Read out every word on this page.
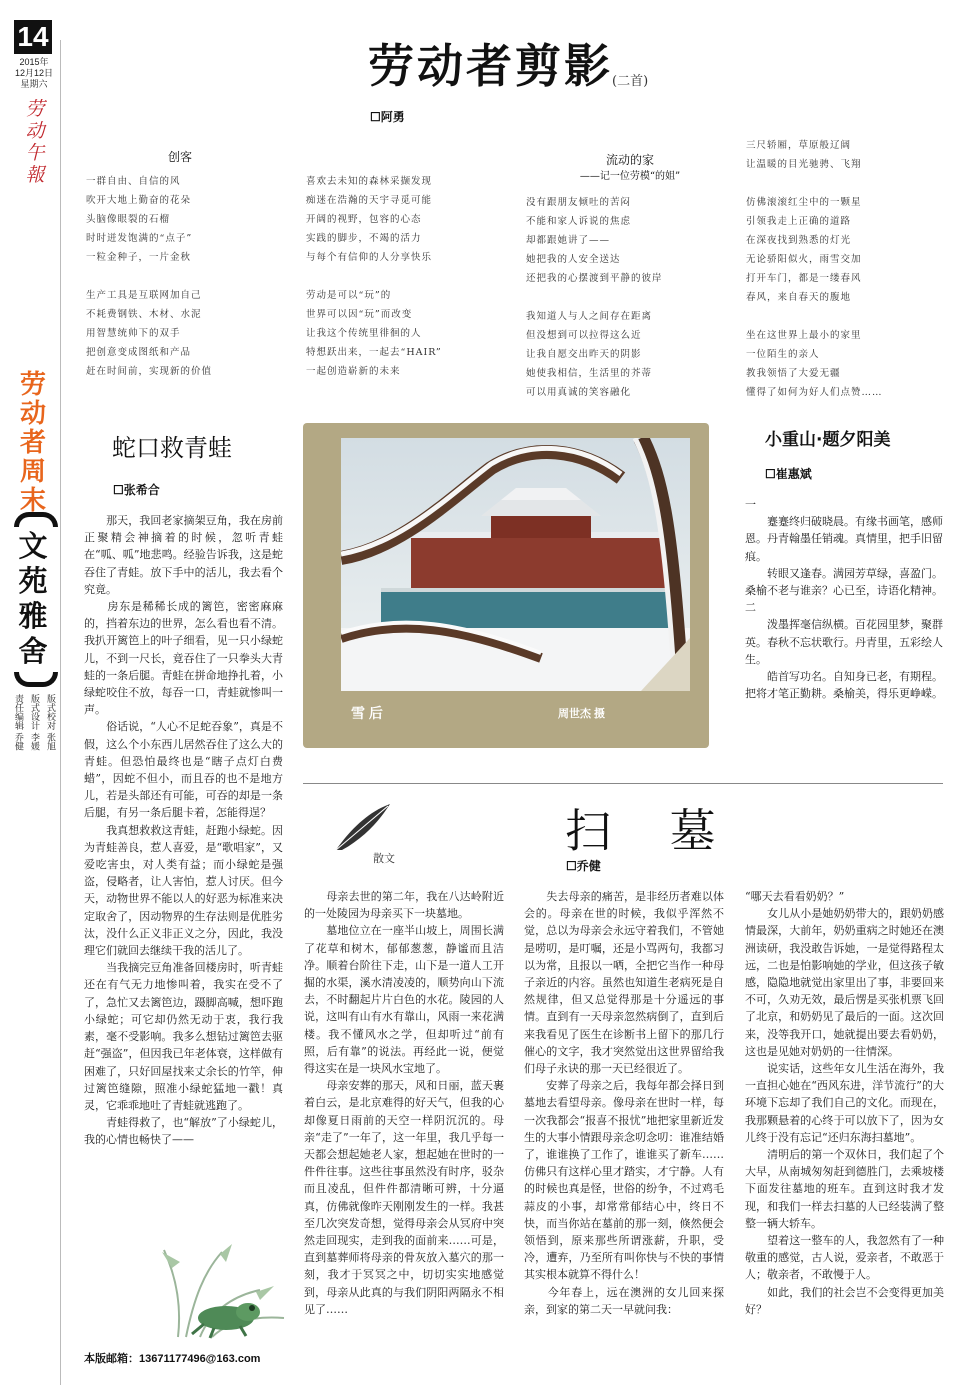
14
2015年
12月12日
星期六
劳
动
午
報
劳
动
者
周
末
文
苑
雅
舍
版式校对 张旭
版式设计 李媛
责任编辑 乔健
劳动者剪影 (二首)
☐阿勇
创客
一群自由、自信的风
吹开大地上勤奋的花朵
头脑像眼裂的石榴
时时迸发饱满的“点子”
一粒金种子，一片金秋

生产工具是互联网加自己
不耗费钢铁、木材、水泥
用智慧统帅下的双手
把创意变成图纸和产品
赶在时间前，实现新的价值
喜欢去未知的森林采撷发现
痴迷在浩瀚的天宇寻觅可能
开阔的视野，包容的心态
实践的脚步，不竭的活力
与每个有信仰的人分享快乐

劳动是可以“玩”的
世界可以因“玩”而改变
让我这个传统里徘徊的人
特想跃出来，一起去“HAIR”
一起创造崭新的未来
流动的家
——记一位劳模“的姐”
没有跟朋友倾吐的苦闷
不能和家人诉说的焦虑
却都跟她讲了——
她把我的人安全送达
还把我的心摆渡到平静的彼岸

我知道人与人之间存在距离
但没想到可以拉得这么近
让我自愿交出昨天的阴影
她使我相信，生活里的芥蒂
可以用真诚的笑容融化
三尺轿厢，草原般辽阔
让温暖的目光驰骋、飞翔

仿佛滚滚红尘中的一颗星
引领我走上正确的道路
在深夜找到熟悉的灯光
无论骄阳似火，雨雪交加
打开车门，都是一缕春风
春风，来自春天的腹地

坐在这世界上最小的家里
一位陌生的亲人
教我领悟了大爱无疆
懂得了如何为好人们点赞……
蛇口救青蛙
☐张希合
　　那天，我回老家摘架豆角，我在房前正聚精会神摘着的时候，忽听青蛙在“呱、呱”地悲鸣。经验告诉我，这是蛇吞住了青蛙。放下手中的活儿，我去看个究竟。
　　房东是稀稀长成的篱笆，密密麻麻的，挡着东边的世界，怎么看也看不清。我扒开篱笆上的叶子细看，见一只小绿蛇儿，不到一尺长，竟吞住了一只拳头大青蛙的一条后腿。青蛙在拼命地挣扎着，小绿蛇咬住不放，每吞一口，青蛙就惨叫一声。
　　俗话说，“人心不足蛇吞象”，真是不假，这么个小东西儿居然吞住了这么大的青蛙。但恐怕最终也是“瞎子点灯白费蜡”，因蛇不但小，而且吞的也不是地方儿，若是头部还有可能，可吞的却是一条后腿，有另一条后腿卡着，怎能得逞？
　　我真想救救这青蛙，赶跑小绿蛇。因为青蛙善良，惹人喜爱，是“歌唱家”，又爱吃害虫，对人类有益；而小绿蛇是强盗，侵略者，让人害怕，惹人讨厌。但今天，动物世界不能以人的好恶为标准来决定取舍了，因动物界的生存法则是优胜劣汰，没什么正义非正义之分，因此，我没理它们就回去继续干我的活儿了。
　　当我摘完豆角准备回楼房时，听青蛙还在有气无力地惨叫着，我实在受不了了，急忙又去篱笆边，蹑脚高喊，想吓跑小绿蛇；可它却仍然无动于衷，我行我素，毫不受影响。我多么想钻过篱笆去驱赶“强盗”，但因我已年老体衰，这样做有困难了，只好回屋找来丈余长的竹竿，伸过篱笆缝隙，照准小绿蛇猛地一戳！真灵，它乖乖地吐了青蛙就逃跑了。
　　青蛙得救了，也“解放”了小绿蛇儿，我的心情也畅快了——
雪 后	周世杰 摄
小重山·题夕阳美
☐崔惠斌
一
　　蹇蹇终归破晓晨。有缘书画笔，感师恩。丹青翰墨任销魂。真情里，把手旧留痕。
　　转眼又逢春。满园芳草绿，喜盈门。桑榆不老与谁亲？心已至，诗语化精神。
二
　　泼墨挥毫信纵横。百花园里梦，聚群英。春秋不忘状歌行。丹青里，五彩绘人生。
　　皓首写功名。自知身已老，有期程。把将才笔正勤耕。桑榆美，得乐更峥嵘。
散文
扫 墓
☐乔健
　　母亲去世的第二年，我在八达岭附近的一处陵园为母亲买下一块墓地。
　　墓地位立在一座半山坡上，周围长满了花草和树木，郁郁葱葱，静谧而且洁净。顺着台阶往下走，山下是一道人工开掘的水渠，溪水清凌凌的，顺势向山下流去，不时翻起片片白色的水花。陵园的人说，这叫有山有水有靠山，风雨一来花满楼。我不懂风水之学，但却听过“前有照，后有靠”的说法。再经此一说，便觉得这实在是一块风水宝地了。
　　母亲安葬的那天，风和日丽，蓝天裹着白云，是北京难得的好天气，但我的心却像夏日雨前的天空一样阴沉沉的。母亲“走了”一年了，这一年里，我几乎每一天都会想起她老人家，想起她在世时的一件件往事。这些往事虽然没有时序，驳杂而且凌乱，但件件都清晰可辨，十分逼真，仿佛就像昨天刚刚发生的一样。我甚至几次突发奇想，觉得母亲会从冥府中突然走回现实，走到我的面前来……可是，直到墓葬师将母亲的骨灰放入墓穴的那一刻，我才于冥冥之中，切切实实地感觉到，母亲从此真的与我们阴阳两隔永不相见了……
　　失去母亲的痛苦，是非经历者难以体会的。母亲在世的时候，我似乎浑然不觉，总以为母亲会永远守着我们，不管她是唠叨，是叮嘱，还是小骂两句，我都习以为常，且报以一哂，全把它当作一种母子亲近的内容。虽然也知道生老病死是自然规律，但又总觉得那是十分遥远的事情。直到有一天母亲忽然病倒了，直到后来我看见了医生在诊断书上留下的那几行催心的文字，我才突然觉出这世界留给我们母子永诀的那一天已经很近了。
　　安葬了母亲之后，我每年都会择日到墓地去看望母亲。像母亲在世时一样，每一次我都会“报喜不报忧”地把家里新近发生的大事小情跟母亲念叨念叨：谁准结婚了，谁谁换了工作了，谁谁买了新车……仿佛只有这样心里才踏实，才宁静。人有的时候也真是怪，世俗的纷争，不过鸡毛蒜皮的小事，却常常郁结心中，终日不快，而当你站在墓前的那一刻，倏然便会领悟到，原来那些所谓涨薪，升职，受冷，遭弃，乃至所有叫你快与不快的事情其实根本就算不得什么！
　　今年春上，远在澳洲的女儿回来探亲，到家的第二天一早就问我：
“哪天去看看奶奶？”
　　女儿从小是她奶奶带大的，跟奶奶感情最深，大前年，奶奶重病之时她还在澳洲读研，我没敢告诉她，一是觉得路程太远，二也是怕影响她的学业，但这孩子敏感，隐隐地就觉出家里出了事，非要回来不可，久劝无效，最后愣是买张机票飞回了北京，和奶奶见了最后的一面。这次回来，没等我开口，她就提出要去看奶奶，这也是见她对奶奶的一往情深。
　　说实话，这些年女儿生活在海外，我一直担心她在“西风东进，洋节流行”的大环境下忘却了我们自己的文化。而现在，我那颗悬着的心终于可以放下了，因为女儿终于没有忘记“还归东海扫墓地”。
　　清明后的第一个双休日，我们起了个大早，从南城匆匆赶到德胜门，去乘坡楼下面发往墓地的班车。直到这时我才发现，和我们一样去扫墓的人已经装满了整整一辆大轿车。
　　望着这一整车的人，我忽然有了一种敬重的感觉，古人说，爱亲者，不敢恶于人；敬亲者，不敢慢于人。
　　如此，我们的社会岂不会变得更加美好？
本版邮箱：13671177496@163.com
